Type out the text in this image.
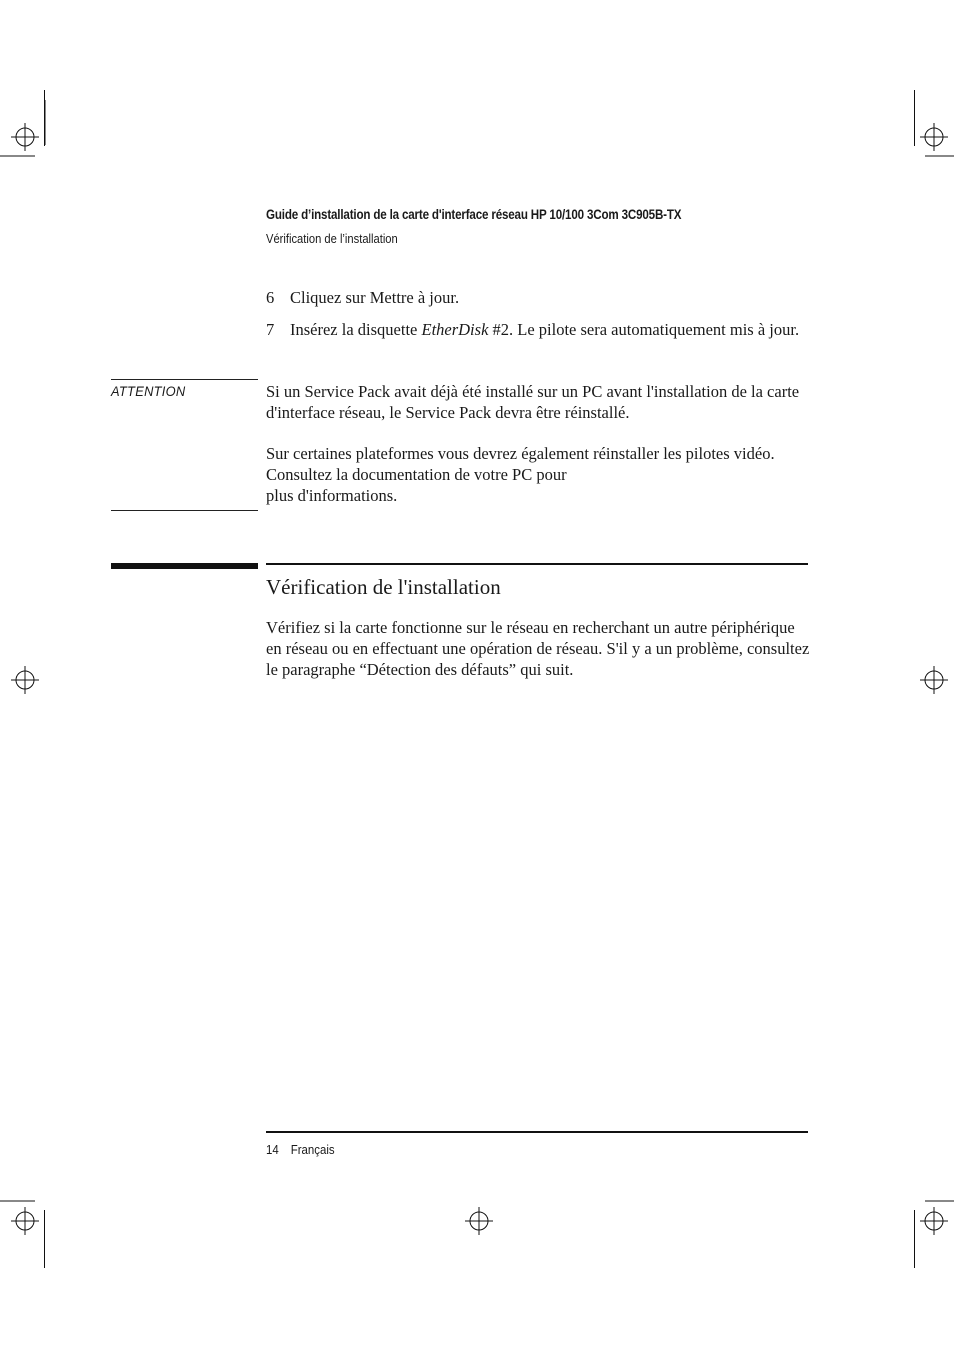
Guide d’installation de la carte d'interface réseau HP 10/100 3Com 3C905B-TX
Vérification de l’installation
6 Cliquez sur Mettre à jour.
7 Insérez la disquette EtherDisk #2. Le pilote sera automatiquement mis à jour.
ATTENTION	Si un Service Pack avait déjà été installé sur un PC avant l'installation de la carte d'interface réseau, le Service Pack devra être réinstallé.
Sur certaines plateformes vous devrez également réinstaller les pilotes vidéo. Consultez la documentation de votre PC pour
plus d'informations.
Vérification de l'installation
Vérifiez si la carte fonctionne sur le réseau en recherchant un autre périphérique en réseau ou en effectuant une opération de réseau. S'il y a un problème, consultez le paragraphe “Détection des défauts” qui suit.
14 Français
